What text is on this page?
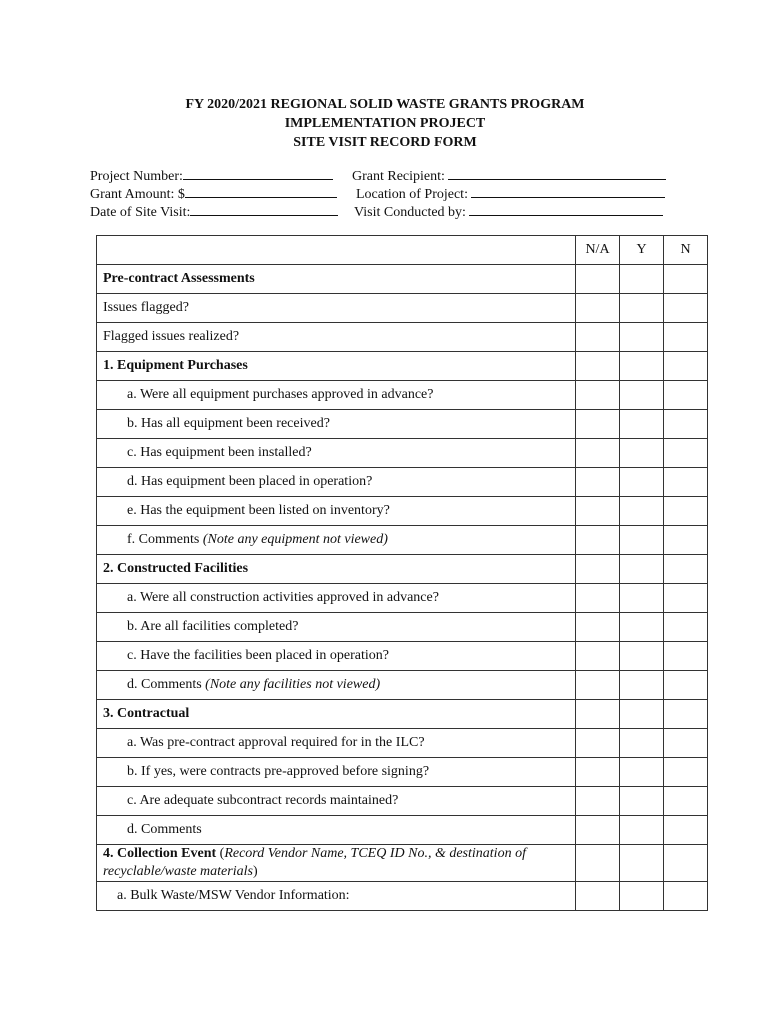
FY 2020/2021 REGIONAL SOLID WASTE GRANTS PROGRAM
IMPLEMENTATION PROJECT
SITE VISIT RECORD FORM
Project Number:	Grant Recipient:
Grant Amount: $	Location of Project:
Date of Site Visit:	Visit Conducted by:
	N/A	Y	N
Pre-contract Assessments			
Issues flagged?			
Flagged issues realized?			
1. Equipment Purchases			
a. Were all equipment purchases approved in advance?			
b. Has all equipment been received?			
c. Has equipment been installed?			
d. Has equipment been placed in operation?			
e. Has the equipment been listed on inventory?			
f. Comments (Note any equipment not viewed)			
2. Constructed Facilities			
a. Were all construction activities approved in advance?			
b. Are all facilities completed?			
c. Have the facilities been placed in operation?			
d. Comments (Note any facilities not viewed)			
3. Contractual			
a. Was pre-contract approval required for in the ILC?			
b. If yes, were contracts pre-approved before signing?			
c. Are adequate subcontract records maintained?			
d. Comments			
4. Collection Event (Record Vendor Name, TCEQ ID No., & destination of recyclable/waste materials)			
a. Bulk Waste/MSW Vendor Information:			
